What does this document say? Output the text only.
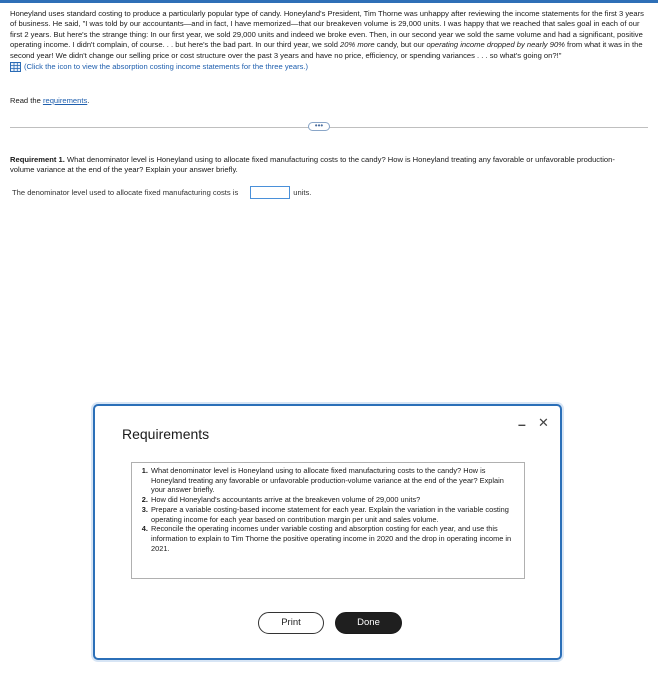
Honeyland uses standard costing to produce a particularly popular type of candy. Honeyland's President, Tim Thorne was unhappy after reviewing the income statements for the first 3 years of business. He said, "I was told by our accountants—and in fact, I have memorized—that our breakeven volume is 29,000 units. I was happy that we reached that sales goal in each of our first 2 years. But here's the strange thing: In our first year, we sold 29,000 units and indeed we broke even. Then, in our second year we sold the same volume and had a significant, positive operating income. I didn't complain, of course. . . but here's the bad part. In our third year, we sold 20% more candy, but our operating income dropped by nearly 90% from what it was in the second year! We didn't change our selling price or cost structure over the past 3 years and have no price, efficiency, or spending variances . . . so what's going on?!"

(Click the icon to view the absorption costing income statements for the three years.)
Read the requirements.
•••
Requirement 1. What denominator level is Honeyland using to allocate fixed manufacturing costs to the candy? How is Honeyland treating any favorable or unfavorable production-volume variance at the end of the year? Explain your answer briefly.
The denominator level used to allocate fixed manufacturing costs is	units.
Requirements
– ✕
1. What denominator level is Honeyland using to allocate fixed manufacturing costs to the candy? How is Honeyland treating any favorable or unfavorable production-volume variance at the end of the year? Explain your answer briefly.
2. How did Honeyland's accountants arrive at the breakeven volume of 29,000 units?
3. Prepare a variable costing-based income statement for each year. Explain the variation in the variable costing operating income for each year based on contribution margin per unit and sales volume.
4. Reconcile the operating incomes under variable costing and absorption costing for each year, and use this information to explain to Tim Thorne the positive operating income in 2020 and the drop in operating income in 2021.
Print	Done
